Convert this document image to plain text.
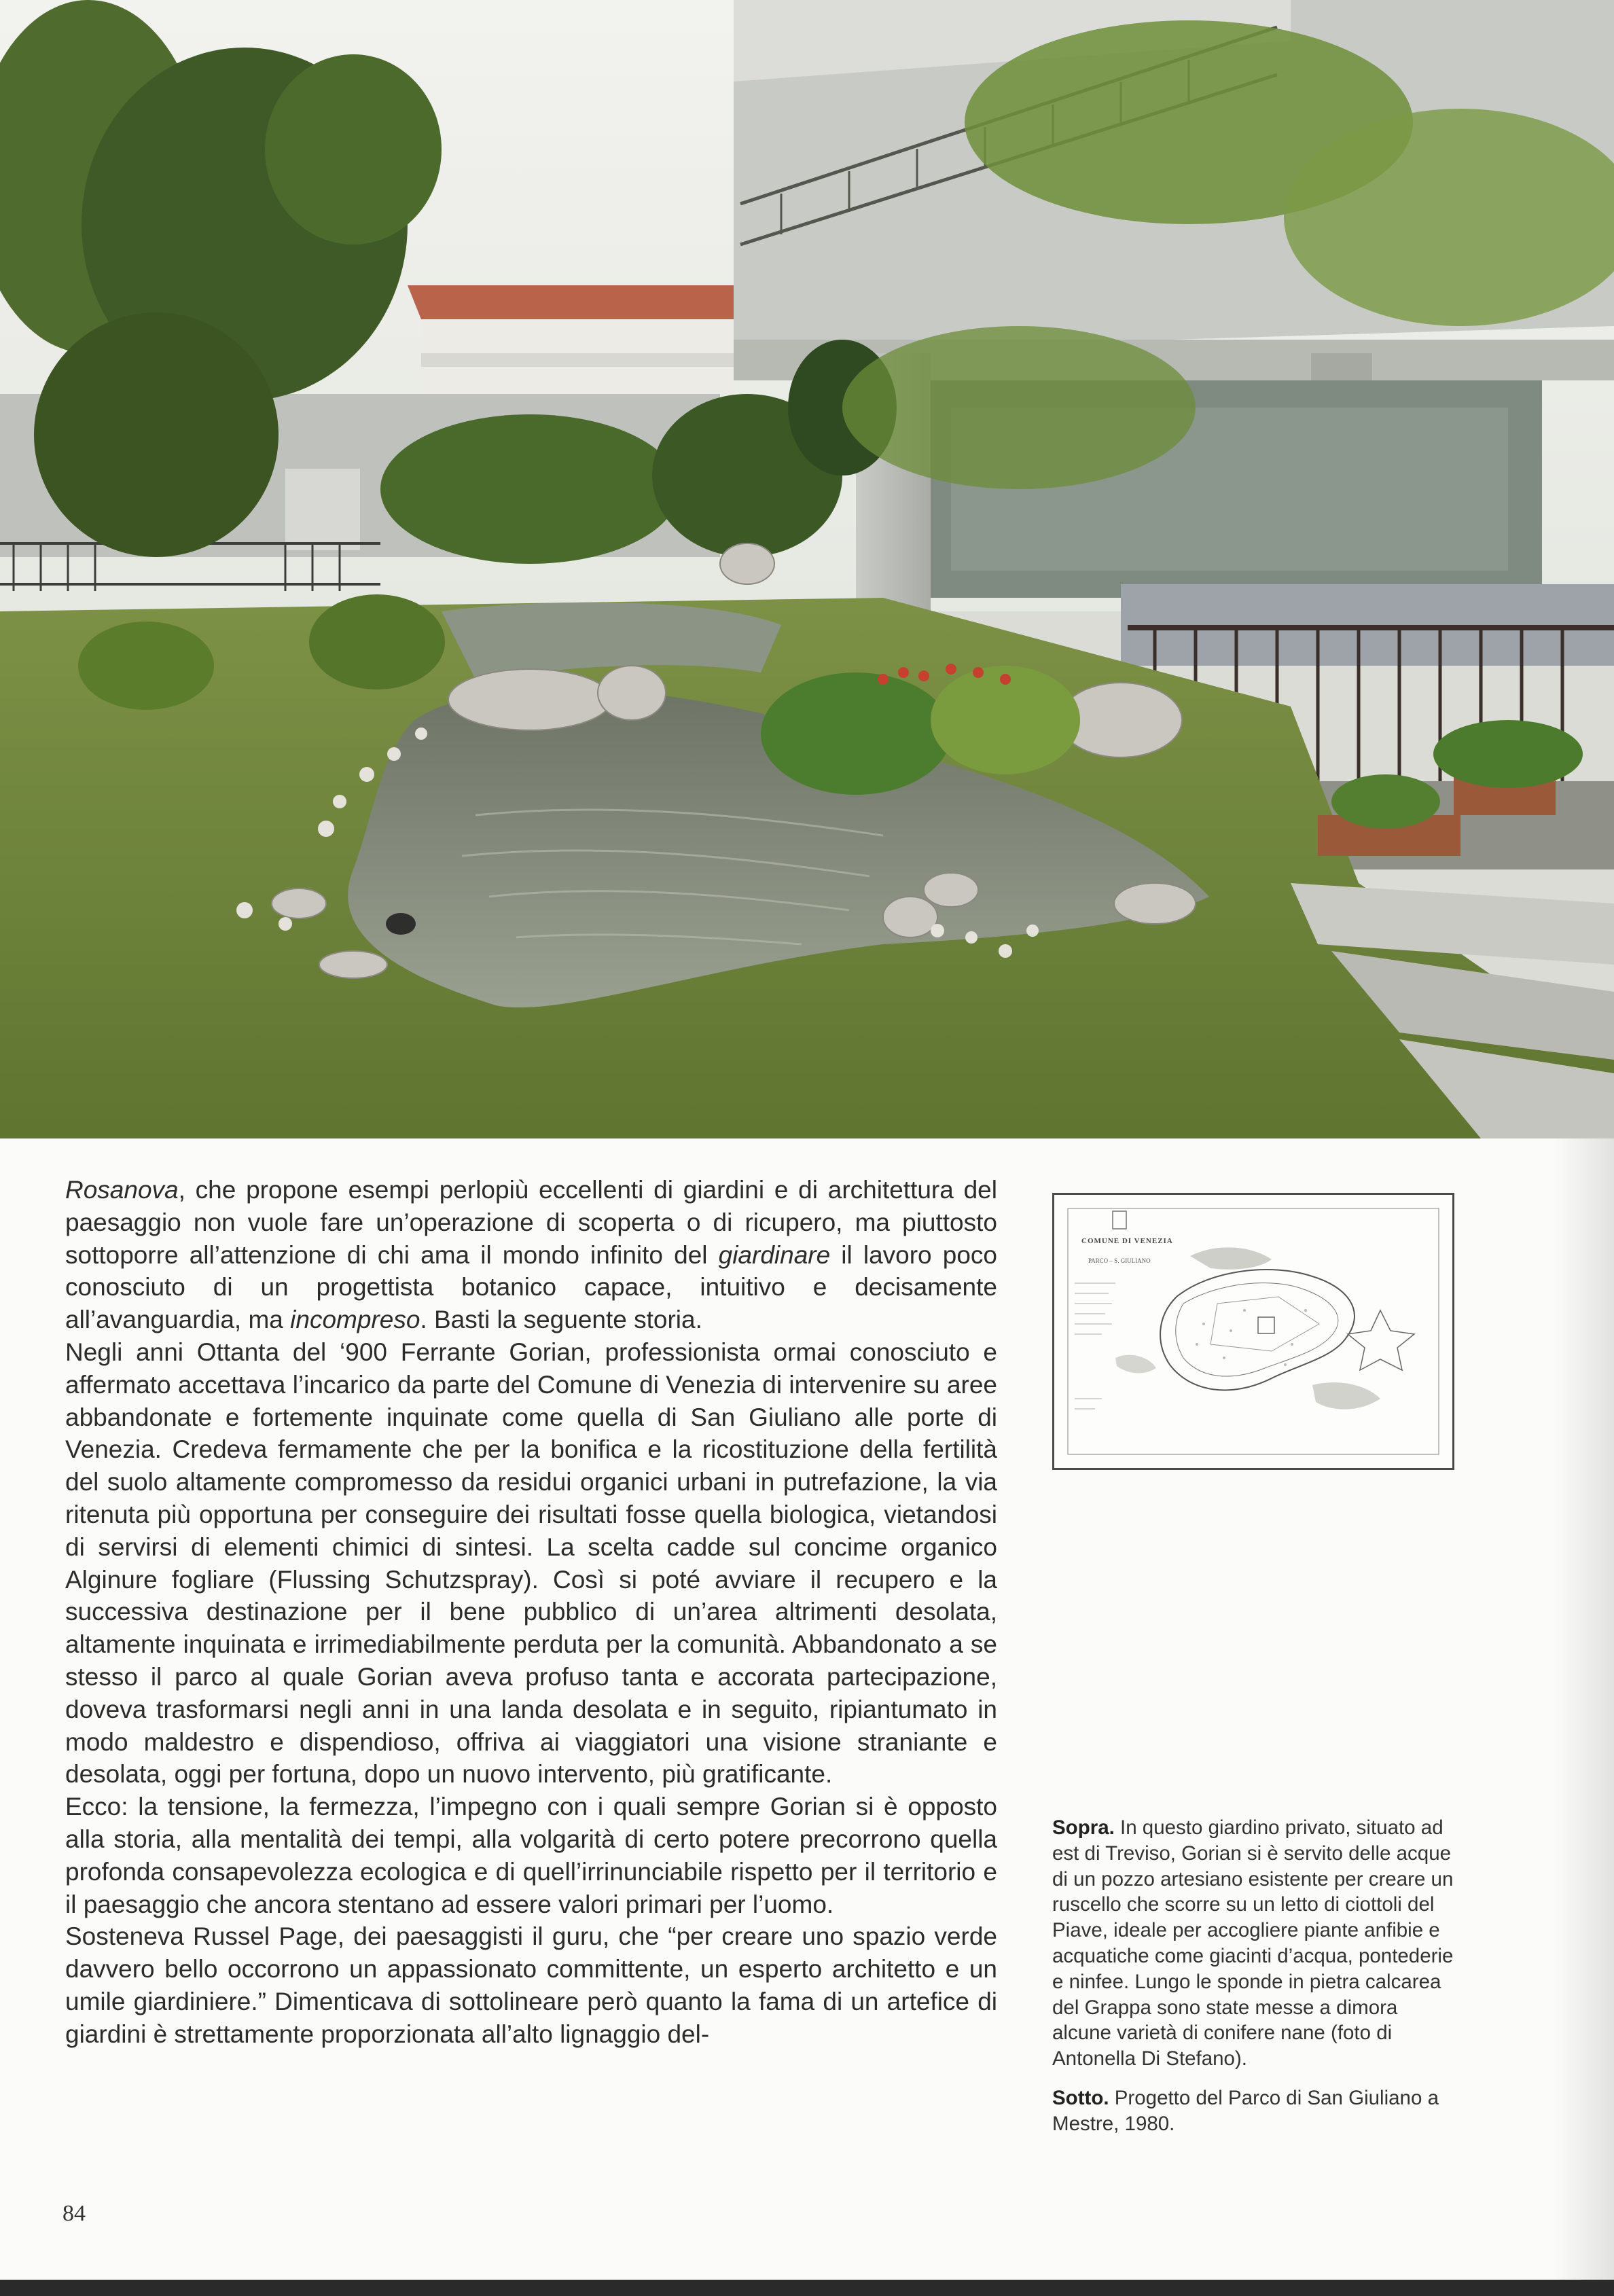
Rosanova, che propone esempi perlopiù eccellenti di giardini e di architettura del paesaggio non vuole fare un’operazione di scoperta o di ricupero, ma piuttosto sottoporre all’attenzione di chi ama il mondo infinito del giardinare il lavoro poco conosciuto di un progettista botanico capace, intuitivo e decisamente all’avanguardia, ma incompreso. Basti la seguente storia.

Negli anni Ottanta del ‘900 Ferrante Gorian, professionista ormai conosciuto e affermato accettava l’incarico da parte del Comune di Venezia di intervenire su aree abbandonate e fortemente inquinate come quella di San Giuliano alle porte di Venezia. Credeva fermamente che per la bonifica e la ricostituzione della fertilità del suolo altamente compromesso da residui organici urbani in putrefazione, la via ritenuta più opportuna per conseguire dei risultati fosse quella biologica, vietandosi di servirsi di elementi chimici di sintesi. La scelta cadde sul concime organico Alginure fogliare (Flussing Schutzspray). Così si poté avviare il recupero e la successiva destinazione per il bene pubblico di un’area altrimenti desolata, altamente inquinata e irrimediabilmente perduta per la comunità. Abbandonato a se stesso il parco al quale Gorian aveva profuso tanta e accorata partecipazione, doveva trasformarsi negli anni in una landa desolata e in seguito, ripiantumato in modo maldestro e dispendioso, offriva ai viaggiatori una visione straniante e desolata, oggi per fortuna, dopo un nuovo intervento, più gratificante.

Ecco: la tensione, la fermezza, l’impegno con i quali sempre Gorian si è opposto alla storia, alla mentalità dei tempi, alla volgarità di certo potere precorrono quella profonda consapevolezza ecologica e di quell’irrinunciabile rispetto per il territorio e il paesaggio che ancora stentano ad essere valori primari per l’uomo.

Sosteneva Russel Page, dei paesaggisti il guru, che “per creare uno spazio verde davvero bello occorrono un appassionato committente, un esperto architetto e un umile giardiniere.” Dimenticava di sottolineare però quanto la fama di un artefice di giardini è strettamente proporzionata all’alto lignaggio del-

COMUNE DI VENEZIA
PARCO – S. GIULIANO

Sopra. In questo giardino privato, situato ad est di Treviso, Gorian si è servito delle acque di un pozzo artesiano esistente per creare un ruscello che scorre su un letto di ciottoli del Piave, ideale per accogliere piante anfibie e acquatiche come giacinti d’acqua, pontederie e ninfee. Lungo le sponde in pietra calcarea del Grappa sono state messe a dimora alcune varietà di conifere nane (foto di Antonella Di Stefano).

Sotto. Progetto del Parco di San Giuliano a Mestre, 1980.

84
